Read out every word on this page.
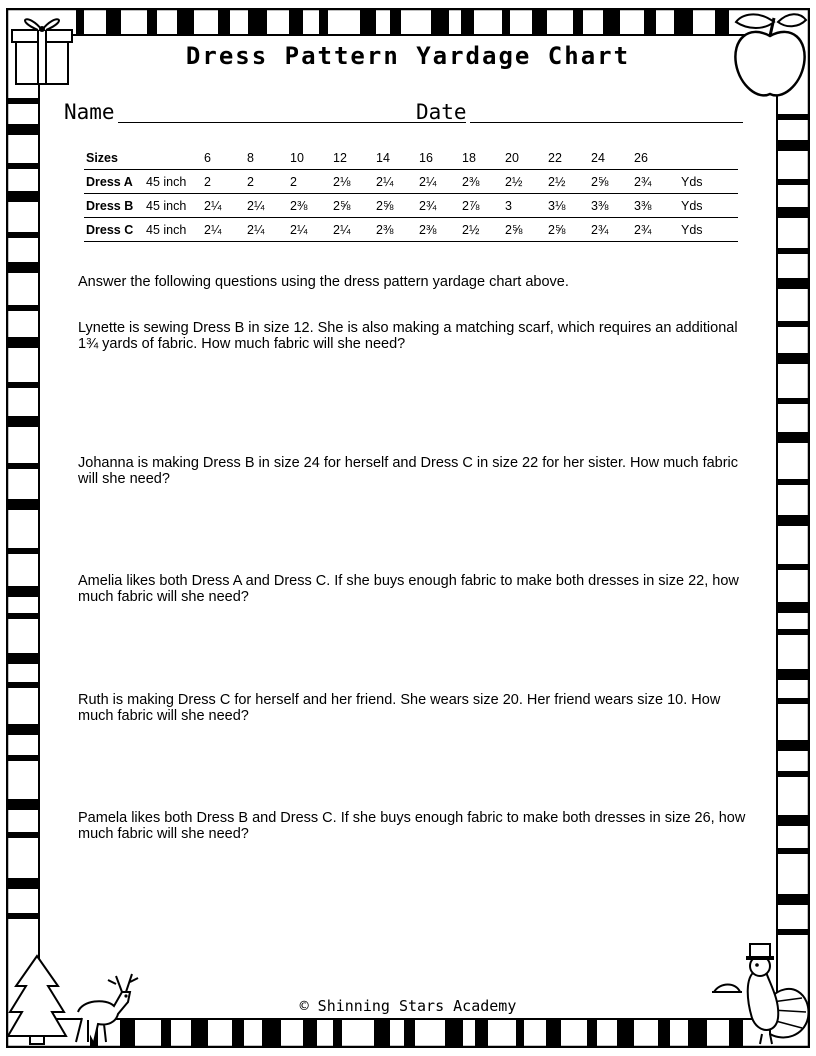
Dress Pattern Yardage Chart
Name	Date
Sizes		6	8	10	12	14	16	18	20	22	24	26	
Dress A	45 inch	2	2	2	2⅛	2¼	2¼	2⅜	2½	2½	2⅝	2¾	Yds
Dress B	45 inch	2¼	2¼	2⅜	2⅝	2⅝	2¾	2⅞	3	3⅛	3⅜	3⅜	Yds
Dress C	45 inch	2¼	2¼	2¼	2¼	2⅜	2⅜	2½	2⅝	2⅝	2¾	2¾	Yds
Answer the following questions using the dress pattern yardage chart above.
Lynette is sewing Dress B in size 12. She is also making a matching scarf, which requires an additional 1¾ yards of fabric. How much fabric will she need?
Johanna is making Dress B in size 24 for herself and Dress C in size 22 for her sister. How much fabric will she need?
Amelia likes both Dress A and Dress C. If she buys enough fabric to make both dresses in size 22, how much fabric will she need?
Ruth is making Dress C for herself and her friend. She wears size 20. Her friend wears size 10. How much fabric will she need?
Pamela likes both Dress B and Dress C. If she buys enough fabric to make both dresses in size 26, how much fabric will she need?
© Shinning Stars Academy
